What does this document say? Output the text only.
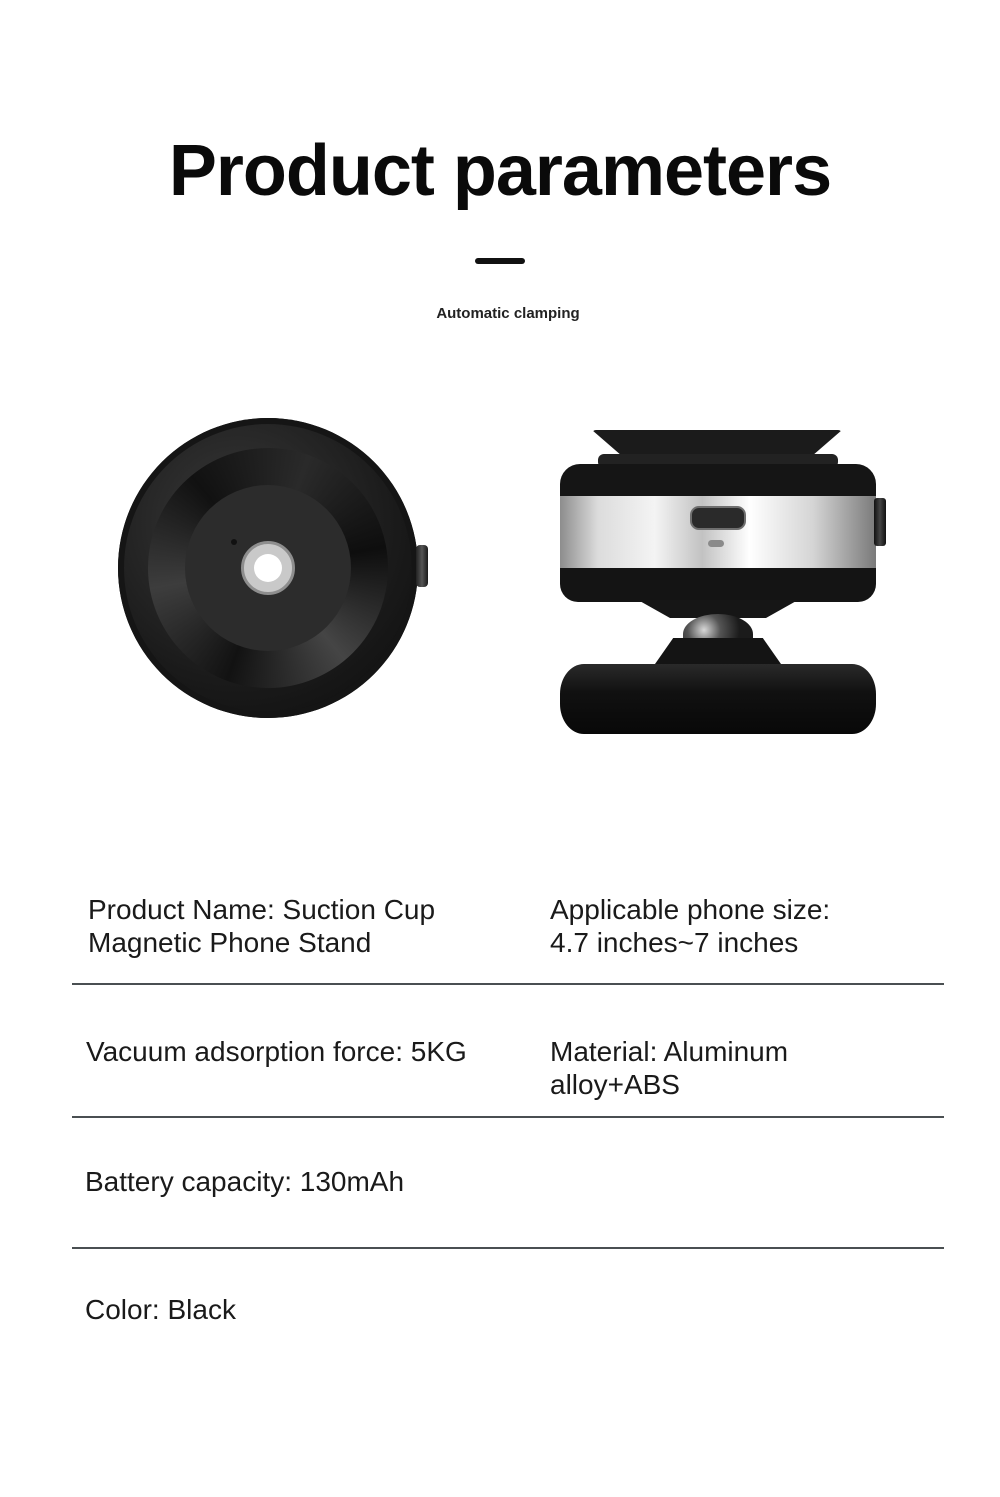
Product parameters
Automatic clamping
Product Name: Suction Cup
Magnetic Phone Stand
Applicable phone size:
4.7 inches~7 inches
Vacuum adsorption force: 5KG	Material: Aluminum
alloy+ABS
Battery capacity: 130mAh
Color: Black
